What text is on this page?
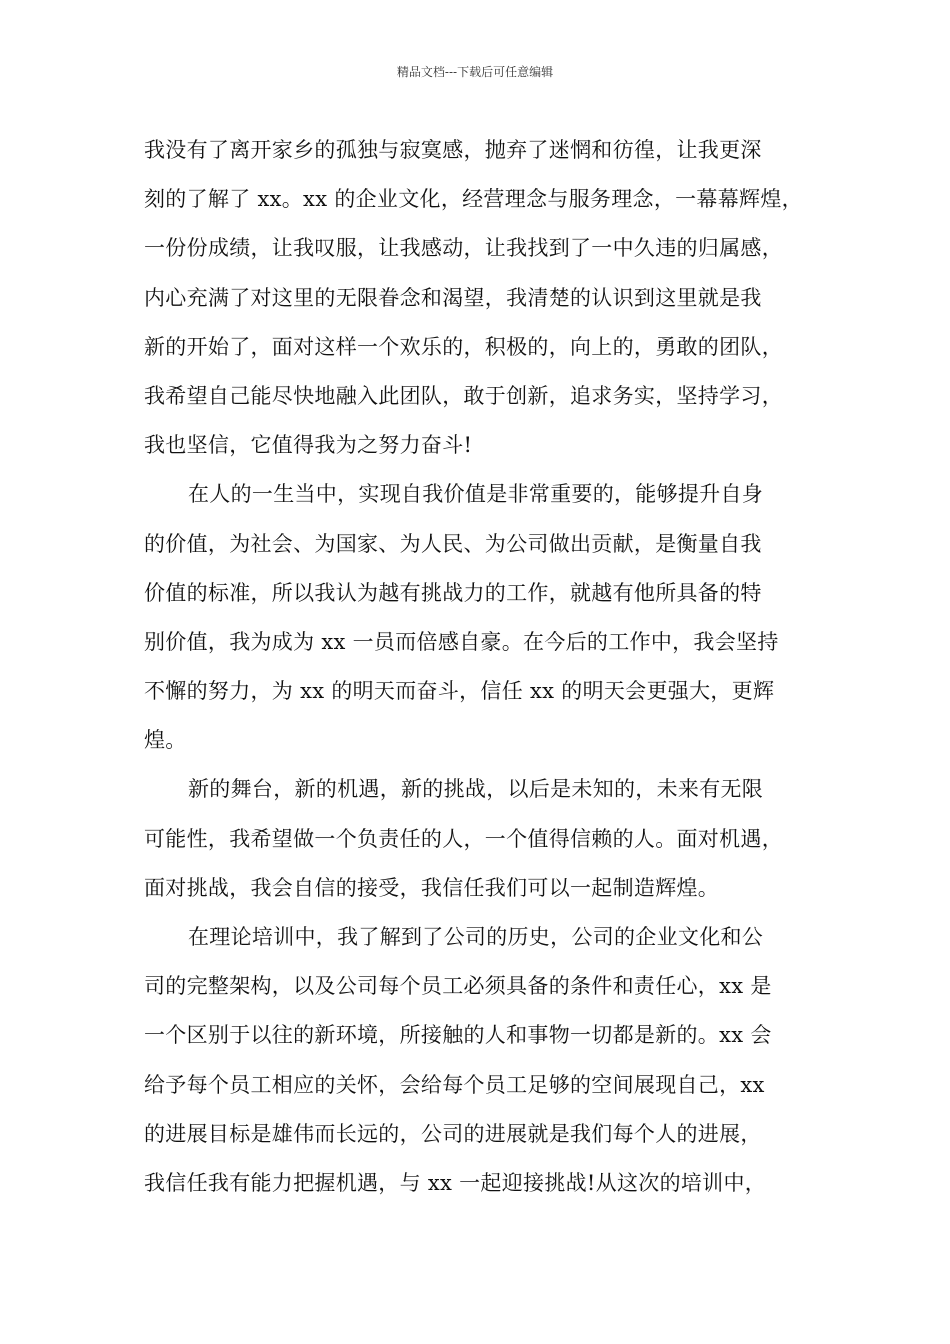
精品文档---下载后可任意编辑
我没有了离开家乡的孤独与寂寞感，抛弃了迷惘和彷徨，让我更深
刻的了解了 xx。xx 的企业文化，经营理念与服务理念，一幕幕辉煌，
一份份成绩，让我叹服，让我感动，让我找到了一中久违的归属感，
内心充满了对这里的无限眷念和渴望，我清楚的认识到这里就是我
新的开始了，面对这样一个欢乐的，积极的，向上的，勇敢的团队，
我希望自己能尽快地融入此团队，敢于创新，追求务实，坚持学习，
我也坚信，它值得我为之努力奋斗!
在人的一生当中，实现自我价值是非常重要的，能够提升自身
的价值，为社会、为国家、为人民、为公司做出贡献，是衡量自我
价值的标准，所以我认为越有挑战力的工作，就越有他所具备的特
别价值，我为成为 xx 一员而倍感自豪。在今后的工作中，我会坚持
不懈的努力，为 xx 的明天而奋斗，信任 xx 的明天会更强大，更辉
煌。
新的舞台，新的机遇，新的挑战，以后是未知的，未来有无限
可能性，我希望做一个负责任的人，一个值得信赖的人。面对机遇，
面对挑战，我会自信的接受，我信任我们可以一起制造辉煌。
在理论培训中，我了解到了公司的历史，公司的企业文化和公
司的完整架构，以及公司每个员工必须具备的条件和责任心，xx 是
一个区别于以往的新环境，所接触的人和事物一切都是新的。xx 会
给予每个员工相应的关怀，会给每个员工足够的空间展现自己，xx
的进展目标是雄伟而长远的，公司的进展就是我们每个人的进展，
我信任我有能力把握机遇，与 xx 一起迎接挑战!从这次的培训中，
